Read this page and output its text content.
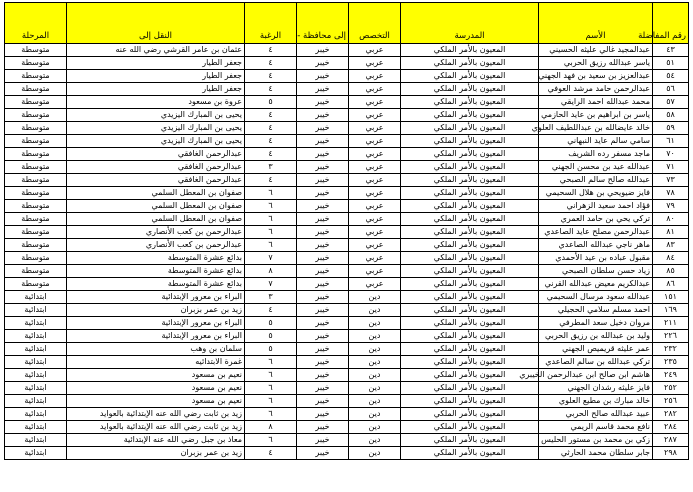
رقم المفاضلة	الأسم	المدرسة	التخصص	إلى محافظة -	الرغبة	النقل إلى	المرحلة
٤٣	عبدالمجيد غالي عليثه الحسيني	المعيون بالأمر الملكي	عربي	خيبر	٤	عثمان بن عامر القرشي رضي الله عنه	متوسطة
٥١	ياسر عبدالله رزيق الحربي	المعيون بالأمر الملكي	عربي	خيبر	٤	جعفر الطيار	متوسطة
٥٤	عبدالعزيز بن سعيد بن فهد الجهني	المعيون بالأمر الملكي	عربي	خيبر	٤	جعفر الطيار	متوسطة
٥٦	عبدالرحمن حامد مرشد العوفي	المعيون بالأمر الملكي	عربي	خيبر	٤	جعفر الطيار	متوسطة
٥٧	محمد عبدالله احمد الرايقي	المعيون بالأمر الملكي	عربي	خيبر	٥	عروة بن مسعود	متوسطة
٥٨	ياسر بن ابراهيم بن عايد الحازمي	المعيون بالأمر الملكي	عربي	خيبر	٤	يحيى بن المبارك اليزيدي	متوسطة
٥٩	خالد عايضالله بن عبداللطيف العلوي	المعيون بالأمر الملكي	عربي	خيبر	٤	يحيى بن المبارك اليزيدي	متوسطة
٦١	سامي سالم عايد النبهاني	المعيون بالأمر الملكي	عربي	خيبر	٤	يحيى بن المبارك اليزيدي	متوسطة
٧٠	ماجد مسفر رده الشريف	المعيون بالأمر الملكي	عربي	خيبر	٤	عبدالرحمن الغافقي	متوسطة
٧١	عبدالله عيد بن محسن الجهني	المعيون بالأمر الملكي	عربي	خيبر	٣	عبدالرحمن الغافقي	متوسطة
٧٣	عبدالله صالح سالم الصبحي	المعيون بالأمر الملكي	عربي	خيبر	٤	عبدالرحمن الغافقي	متوسطة
٧٨	فايز ضيويحي بن هلال السحيمي	المعيون بالأمر الملكي	عربي	خيبر	٦	صفوان بن المعطل السلمي	متوسطة
٧٩	فؤاد احمد سعيد الزهراني	المعيون بالأمر الملكي	عربي	خيبر	٦	صفوان بن المعطل السلمي	متوسطة
٨٠	تركي يحي بن حامد العمري	المعيون بالأمر الملكي	عربي	خيبر	٦	صفوان بن المعطل السلمي	متوسطة
٨١	عبدالرحمن مصلح عايد الصاعدي	المعيون بالأمر الملكي	عربي	خيبر	٦	عبدالرحمن بن كعب الأنصاري	متوسطة
٨٣	ماهر ناجي عبدالله الصاعدي	المعيون بالأمر الملكي	عربي	خيبر	٦	عبدالرحمن بن كعب الأنصاري	متوسطة
٨٤	مقبول عباده بن عيد الأحمدي	المعيون بالأمر الملكي	عربي	خيبر	٧	بدائع عشرة المتوسطة	متوسطة
٨٥	زياد حسن سلطان الصبحي	المعيون بالأمر الملكي	عربي	خيبر	٨	بدائع عشرة المتوسطة	متوسطة
٨٦	عبدالكريم معيض عبدالله القرني	المعيون بالأمر الملكي	عربي	خيبر	٧	بدائع عشرة المتوسطة	متوسطة
١٥١	عبدالله سعود مرسال السحيمي	المعيون بالأمر الملكي	دين	خيبر	٣	البراء بن معرور الإبتدائية	ابتدائية
١٦٩	احمد مسلم سلامي الحجيلي	المعيون بالأمر الملكي	دين	خيبر	٤	زيد بن عمر بزبران	ابتدائية
٢١١	مروان دخيل سعد المطرفي	المعيون بالأمر الملكي	دين	خيبر	٥	البراء بن معرور الإبتدائية	ابتدائية
٢٢٦	وليد بن عبدالله بن رزيق الحربي	المعيون بالأمر الملكي	دين	خيبر	٥	البراء بن معرور الإبتدائية	ابتدائية
٢٣٢	عمر عليثه قريميص الجهني	المعيون بالأمر الملكي	دين	خيبر	٥	سلمان بن وهب	ابتدائية
٢٣٥	تركي عبدالله بن سالم الصاعدي	المعيون بالأمر الملكي	دين	خيبر	٦	غمرة الابتدائيه	ابتدائية
٢٤٩	هاشم ابن صالح ابن عبدالرحمن الخيبري	المعيون بالأمر الملكي	دين	خيبر	٦	نعيم بن مسعود	ابتدائية
٢٥٢	فايز عليثه رشدان الجهني	المعيون بالأمر الملكي	دين	خيبر	٦	نعيم بن مسعود	ابتدائية
٢٥٦	خالد مبارك بن مطيع العلوي	المعيون بالأمر الملكي	دين	خيبر	٦	نعيم بن مسعود	ابتدائية
٢٨٢	عبيد عبدالله صالح الحربي	المعيون بالأمر الملكي	دين	خيبر	٦	زيد بن ثابت رضي الله عنه الإبتدائية بالعوايد	ابتدائية
٢٨٤	نافع محمد قاسم الريمي	المعيون بالأمر الملكي	دين	خيبر	٨	زيد بن ثابت رضي الله عنه الإبتدائية بالعوايد	ابتدائية
٢٨٧	زكي بن محمد بن مستور الحليس	المعيون بالأمر الملكي	دين	خيبر	٦	معاذ بن جبل رضي الله عنه الإبتدائية	ابتدائية
٢٩٨	جابر سلطان محمد الحارثي	المعيون بالأمر الملكي	دين	خيبر	٤	زيد بن عمر بزبران	ابتدائية
